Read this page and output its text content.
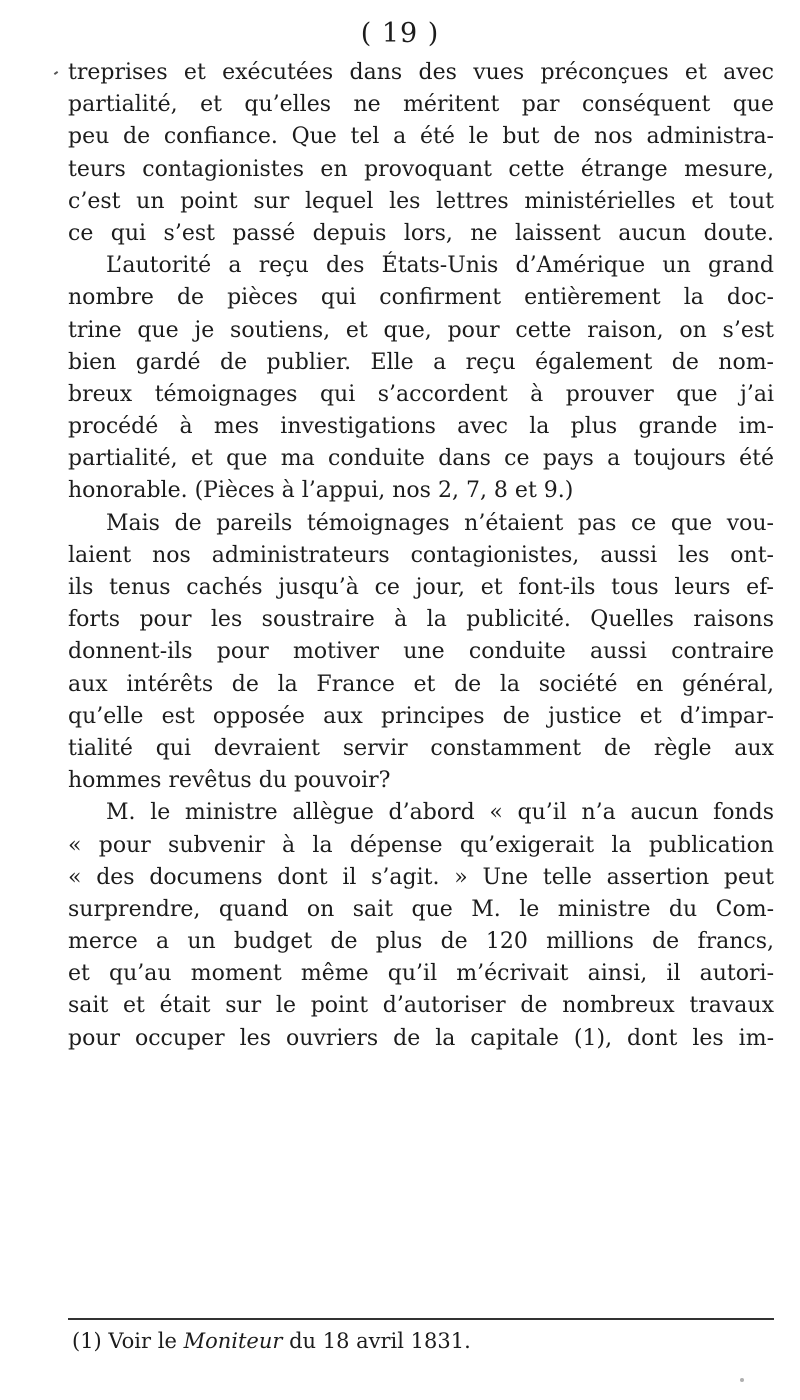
( 19 )
treprises et exécutées dans des vues préconçues et avec
partialité, et qu’elles ne méritent par conséquent que
peu de confiance. Que tel a été le but de nos administra-
teurs contagionistes en provoquant cette étrange mesure,
c’est un point sur lequel les lettres ministérielles et tout
ce qui s’est passé depuis lors, ne laissent aucun doute.
L’autorité a reçu des États-Unis d’Amérique un grand
nombre de pièces qui confirment entièrement la doc-
trine que je soutiens, et que, pour cette raison, on s’est
bien gardé de publier. Elle a reçu également de nom-
breux témoignages qui s’accordent à prouver que j’ai
procédé à mes investigations avec la plus grande im-
partialité, et que ma conduite dans ce pays a toujours été
honorable. (Pièces à l’appui, nos 2, 7, 8 et 9.)
Mais de pareils témoignages n’étaient pas ce que vou-
laient nos administrateurs contagionistes, aussi les ont-
ils tenus cachés jusqu’à ce jour, et font-ils tous leurs ef-
forts pour les soustraire à la publicité. Quelles raisons
donnent-ils pour motiver une conduite aussi contraire
aux intérêts de la France et de la société en général,
qu’elle est opposée aux principes de justice et d’impar-
tialité qui devraient servir constamment de règle aux
hommes revêtus du pouvoir?
M. le ministre allègue d’abord « qu’il n’a aucun fonds
« pour subvenir à la dépense qu’exigerait la publication
« des documens dont il s’agit. » Une telle assertion peut
surprendre, quand on sait que M. le ministre du Com-
merce a un budget de plus de 120 millions de francs,
et qu’au moment même qu’il m’écrivait ainsi, il autori-
sait et était sur le point d’autoriser de nombreux travaux
pour occuper les ouvriers de la capitale (1), dont les im-
(1) Voir le Moniteur du 18 avril 1831.
